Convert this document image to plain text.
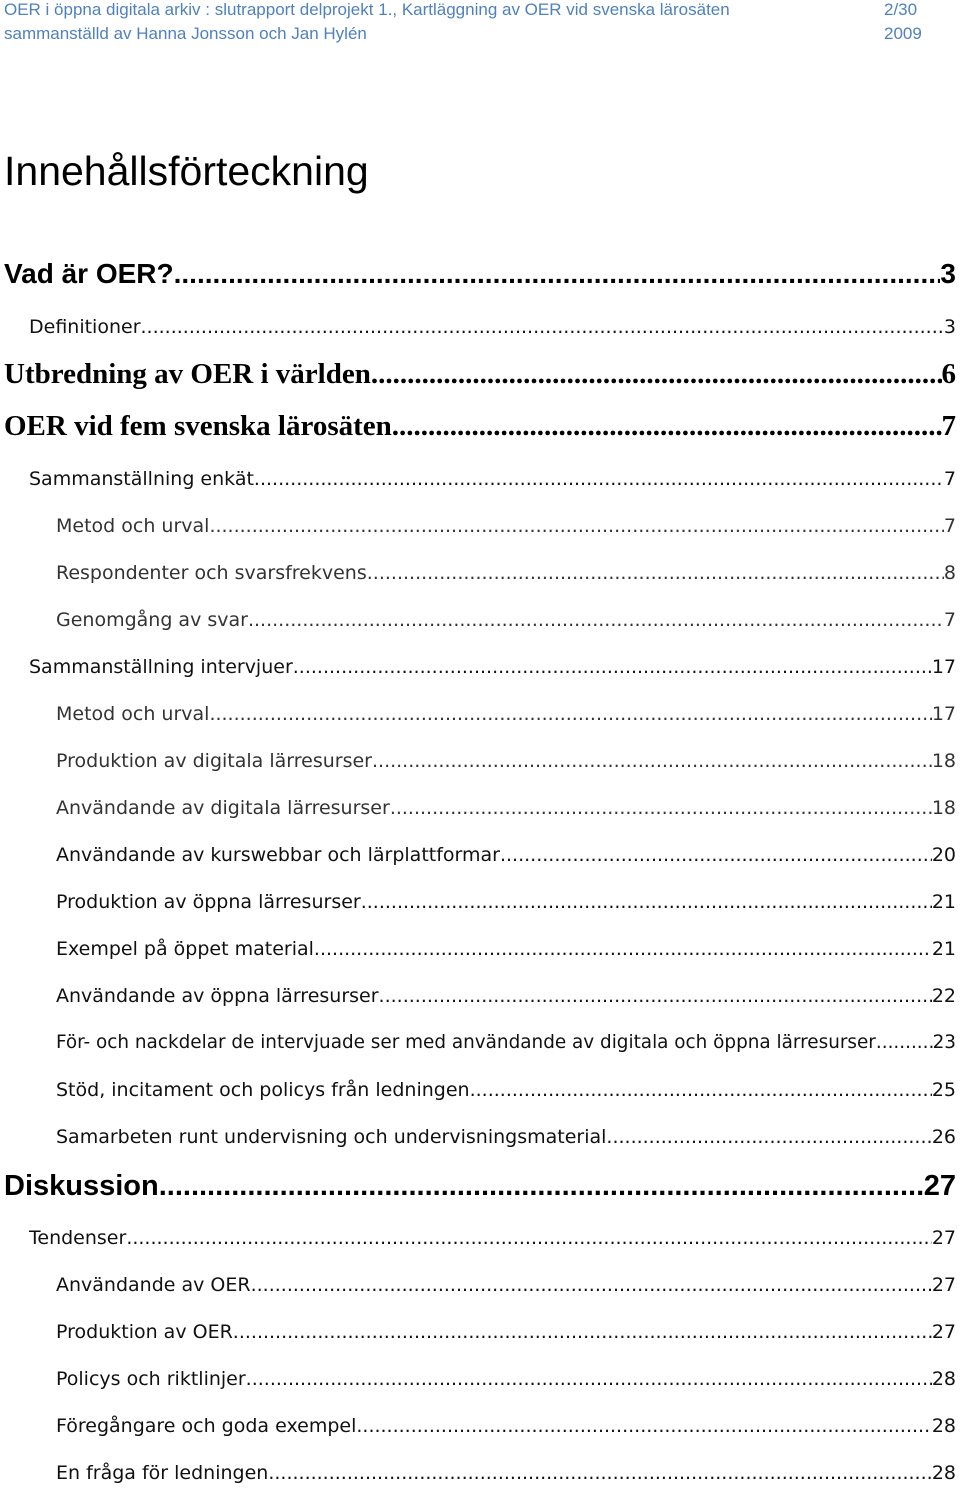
OER i öppna digitala arkiv : slutrapport delprojekt 1., Kartläggning av OER vid svenska lärosäten	2/30
sammanställd av Hanna Jonsson och Jan Hylén	2009
Innehållsförteckning
Vad är OER? .....	3
Definitioner .....	3
Utbredning av OER i världen .....	6
OER vid fem svenska lärosäten .....	7
Sammanställning enkät .....	7
Metod och urval .....	7
Respondenter och svarsfrekvens .....	8
Genomgång av svar .....	7
Sammanställning intervjuer .....	17
Metod och urval .....	17
Produktion av digitala lärresurser .....	18
Användande av digitala lärresurser .....	18
Användande av kurswebbar och lärplattformar .....	20
Produktion av öppna lärresurser .....	21
Exempel på öppet material .....	21
Användande av öppna lärresurser .....	22
För- och nackdelar de intervjuade ser med användande av digitala och öppna lärresurser .....	23
Stöd, incitament och policys från ledningen .....	25
Samarbeten runt undervisning och undervisningsmaterial .....	26
Diskussion .....	27
Tendenser .....	27
Användande av OER .....	27
Produktion av OER .....	27
Policys och riktlinjer .....	28
Föregångare och goda exempel .....	28
En fråga för ledningen .....	28
